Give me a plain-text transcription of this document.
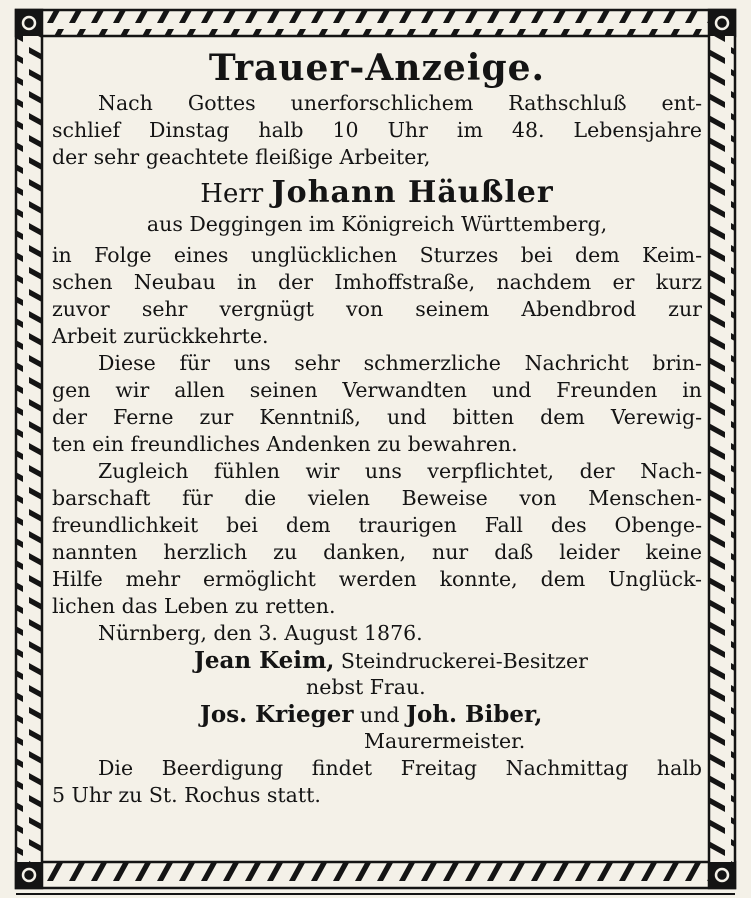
Trauer-Anzeige.
Nach Gottes unerforschlichem Rathschluß ent-
schlief Dinstag halb 10 Uhr im 48. Lebensjahre
der sehr geachtete fleißige Arbeiter,
Herr Johann Häußler
aus Deggingen im Königreich Württemberg,
in Folge eines unglücklichen Sturzes bei dem Keim-
schen Neubau in der Imhoffstraße, nachdem er kurz
zuvor sehr vergnügt von seinem Abendbrod zur
Arbeit zurückkehrte.
Diese für uns sehr schmerzliche Nachricht brin-
gen wir allen seinen Verwandten und Freunden in
der Ferne zur Kenntniß, und bitten dem Verewig-
ten ein freundliches Andenken zu bewahren.
Zugleich fühlen wir uns verpflichtet, der Nach-
barschaft für die vielen Beweise von Menschen-
freundlichkeit bei dem traurigen Fall des Obenge-
nannten herzlich zu danken, nur daß leider keine
Hilfe mehr ermöglicht werden konnte, dem Unglück-
lichen das Leben zu retten.
Nürnberg, den 3. August 1876.
Jean Keim, Steindruckerei-Besitzer
nebst Frau.
Jos. Krieger und Joh. Biber,
Maurermeister.
Die Beerdigung findet Freitag Nachmittag halb
5 Uhr zu St. Rochus statt.
